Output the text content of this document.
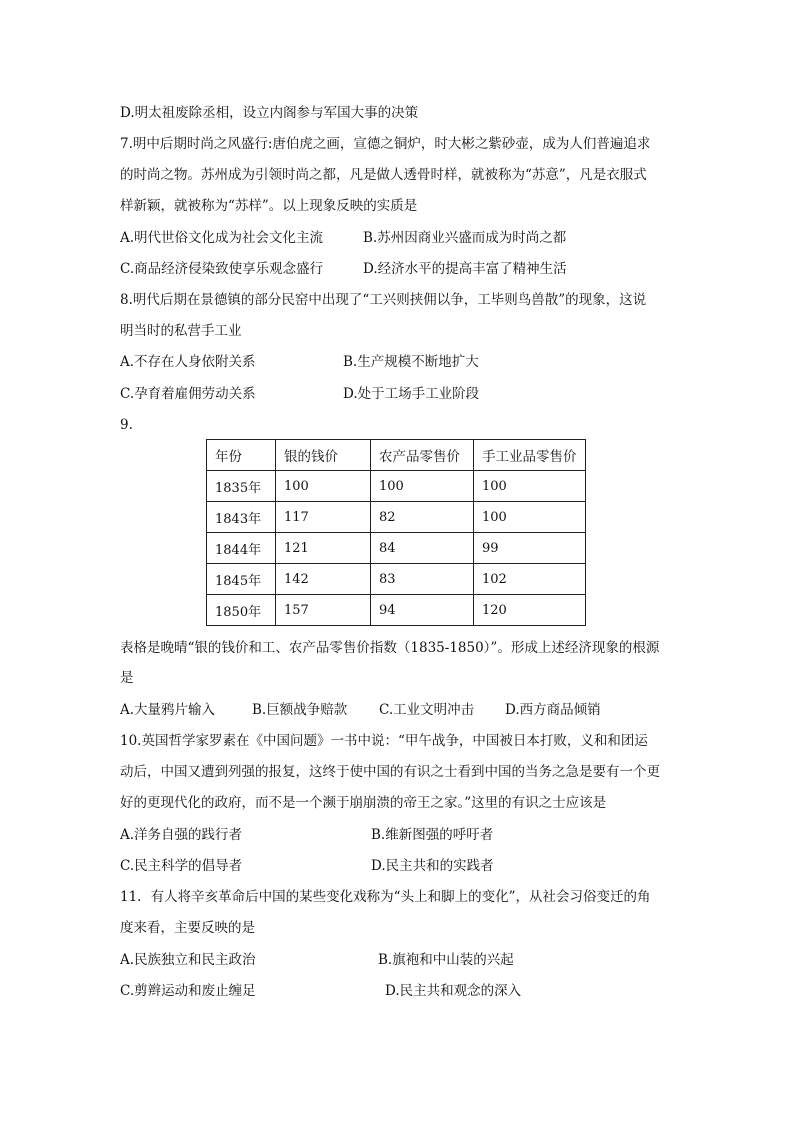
D.明太祖废除丞相，设立内阁参与军国大事的决策
7.明中后期时尚之风盛行:唐伯虎之画，宣德之铜炉，时大彬之紫砂壶，成为人们普遍追求
的时尚之物。苏州成为引领时尚之都，凡是做人透骨时样，就被称为“苏意”，凡是衣服式
样新颖，就被称为“苏样”。以上现象反映的实质是
A.明代世俗文化成为社会文化主流	B.苏州因商业兴盛而成为时尚之都
C.商品经济侵染致使享乐观念盛行	D.经济水平的提高丰富了精神生活
8.明代后期在景德镇的部分民窑中出现了“工兴则挟佣以争，工毕则鸟兽散”的现象，这说
明当时的私营手工业
A.不存在人身依附关系	B.生产规模不断地扩大
C.孕育着雇佣劳动关系	D.处于工场手工业阶段
9.
年份	银的钱价	农产品零售价	手工业品零售价
1835年	100	100	100
1843年	117	82	100
1844年	121	84	99
1845年	142	83	102
1850年	157	94	120
表格是晚晴“银的钱价和工、农产品零售价指数（1835-1850）”。形成上述经济现象的根源
是
A.大量鸦片输入	B.巨额战争赔款 C.工业文明冲击 D.西方商品倾销
10.英国哲学家罗素在《中国问题》一书中说：“甲午战争，中国被日本打败，义和和团运
动后，中国又遭到列强的报复，这终于使中国的有识之士看到中国的当务之急是要有一个更
好的更现代化的政府，而不是一个濒于崩崩溃的帝王之家。”这里的有识之士应该是
A.洋务自强的践行者	B.维新图强的呼吁者
C.民主科学的倡导者	D.民主共和的实践者
11．有人将辛亥革命后中国的某些变化戏称为“头上和脚上的变化”，从社会习俗变迁的角
度来看，主要反映的是
A.民族独立和民主政治	B.旗袍和中山装的兴起
C.剪辫运动和废止缠足	D.民主共和观念的深入
